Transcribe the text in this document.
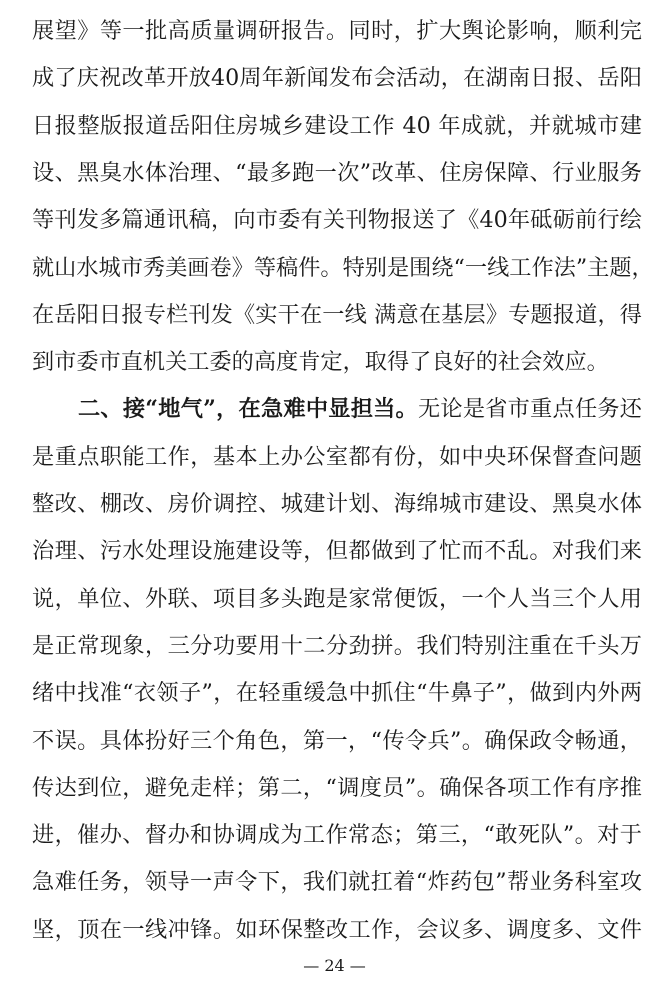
展望》等一批高质量调研报告。同时，扩大舆论影响，顺利完
成了庆祝改革开放40周年新闻发布会活动，在湖南日报、岳阳
日报整版报道岳阳住房城乡建设工作 40 年成就，并就城市建
设、黑臭水体治理、“最多跑一次”改革、住房保障、行业服务
等刊发多篇通讯稿，向市委有关刊物报送了《40年砥砺前行绘
就山水城市秀美画卷》等稿件。特别是围绕“一线工作法”主题，
在岳阳日报专栏刊发《实干在一线 满意在基层》专题报道，得
到市委市直机关工委的高度肯定，取得了良好的社会效应。
二、接“地气”，在急难中显担当。无论是省市重点任务还
是重点职能工作，基本上办公室都有份，如中央环保督查问题
整改、棚改、房价调控、城建计划、海绵城市建设、黑臭水体
治理、污水处理设施建设等，但都做到了忙而不乱。对我们来
说，单位、外联、项目多头跑是家常便饭，一个人当三个人用
是正常现象，三分功要用十二分劲拼。我们特别注重在千头万
绪中找准“衣领子”，在轻重缓急中抓住“牛鼻子”，做到内外两
不误。具体扮好三个角色，第一，“传令兵”。确保政令畅通，
传达到位，避免走样；第二，“调度员”。确保各项工作有序推
进，催办、督办和协调成为工作常态；第三，“敢死队”。对于
急难任务，领导一声令下，我们就扛着“炸药包”帮业务科室攻
坚，顶在一线冲锋。如环保整改工作，会议多、调度多、文件
— 24 —
